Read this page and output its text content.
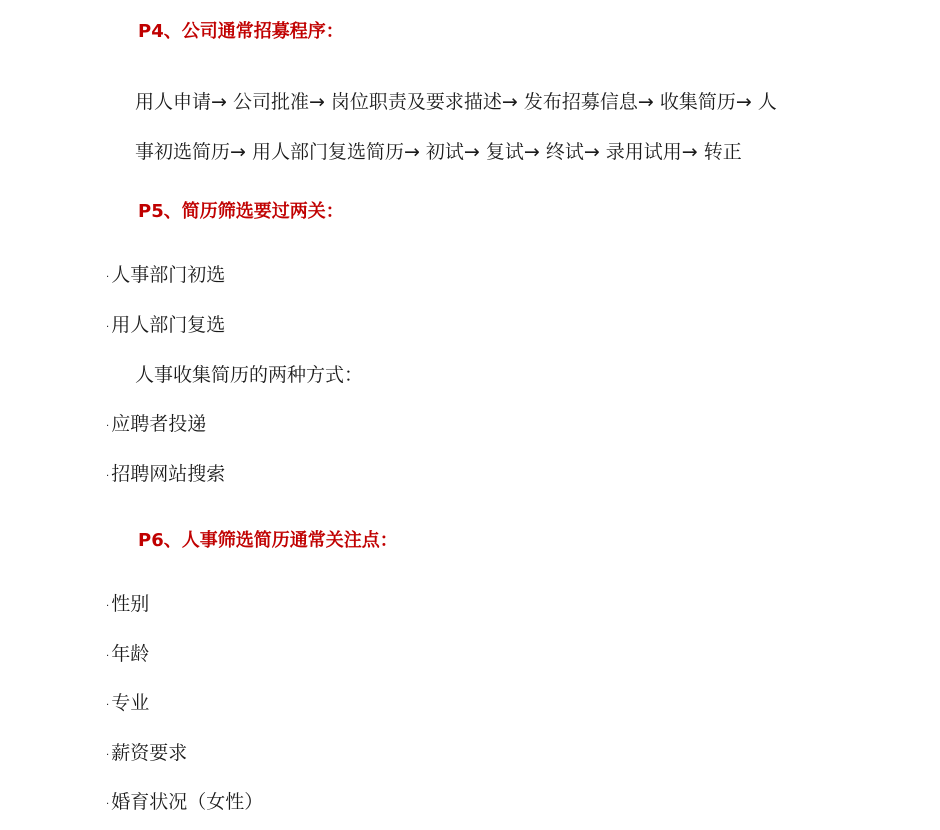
P4、公司通常招募程序：
用人申请→ 公司批准→ 岗位职责及要求描述→ 发布招募信息→ 收集简历→ 人
事初选简历→ 用人部门复选简历→ 初试→ 复试→ 终试→ 录用试用→ 转正
P5、简历筛选要过两关：
. 人事部门初选
. 用人部门复选
人事收集简历的两种方式：
. 应聘者投递
. 招聘网站搜索
P6、人事筛选简历通常关注点：
. 性别
. 年龄
. 专业
. 薪资要求
. 婚育状况（女性）
